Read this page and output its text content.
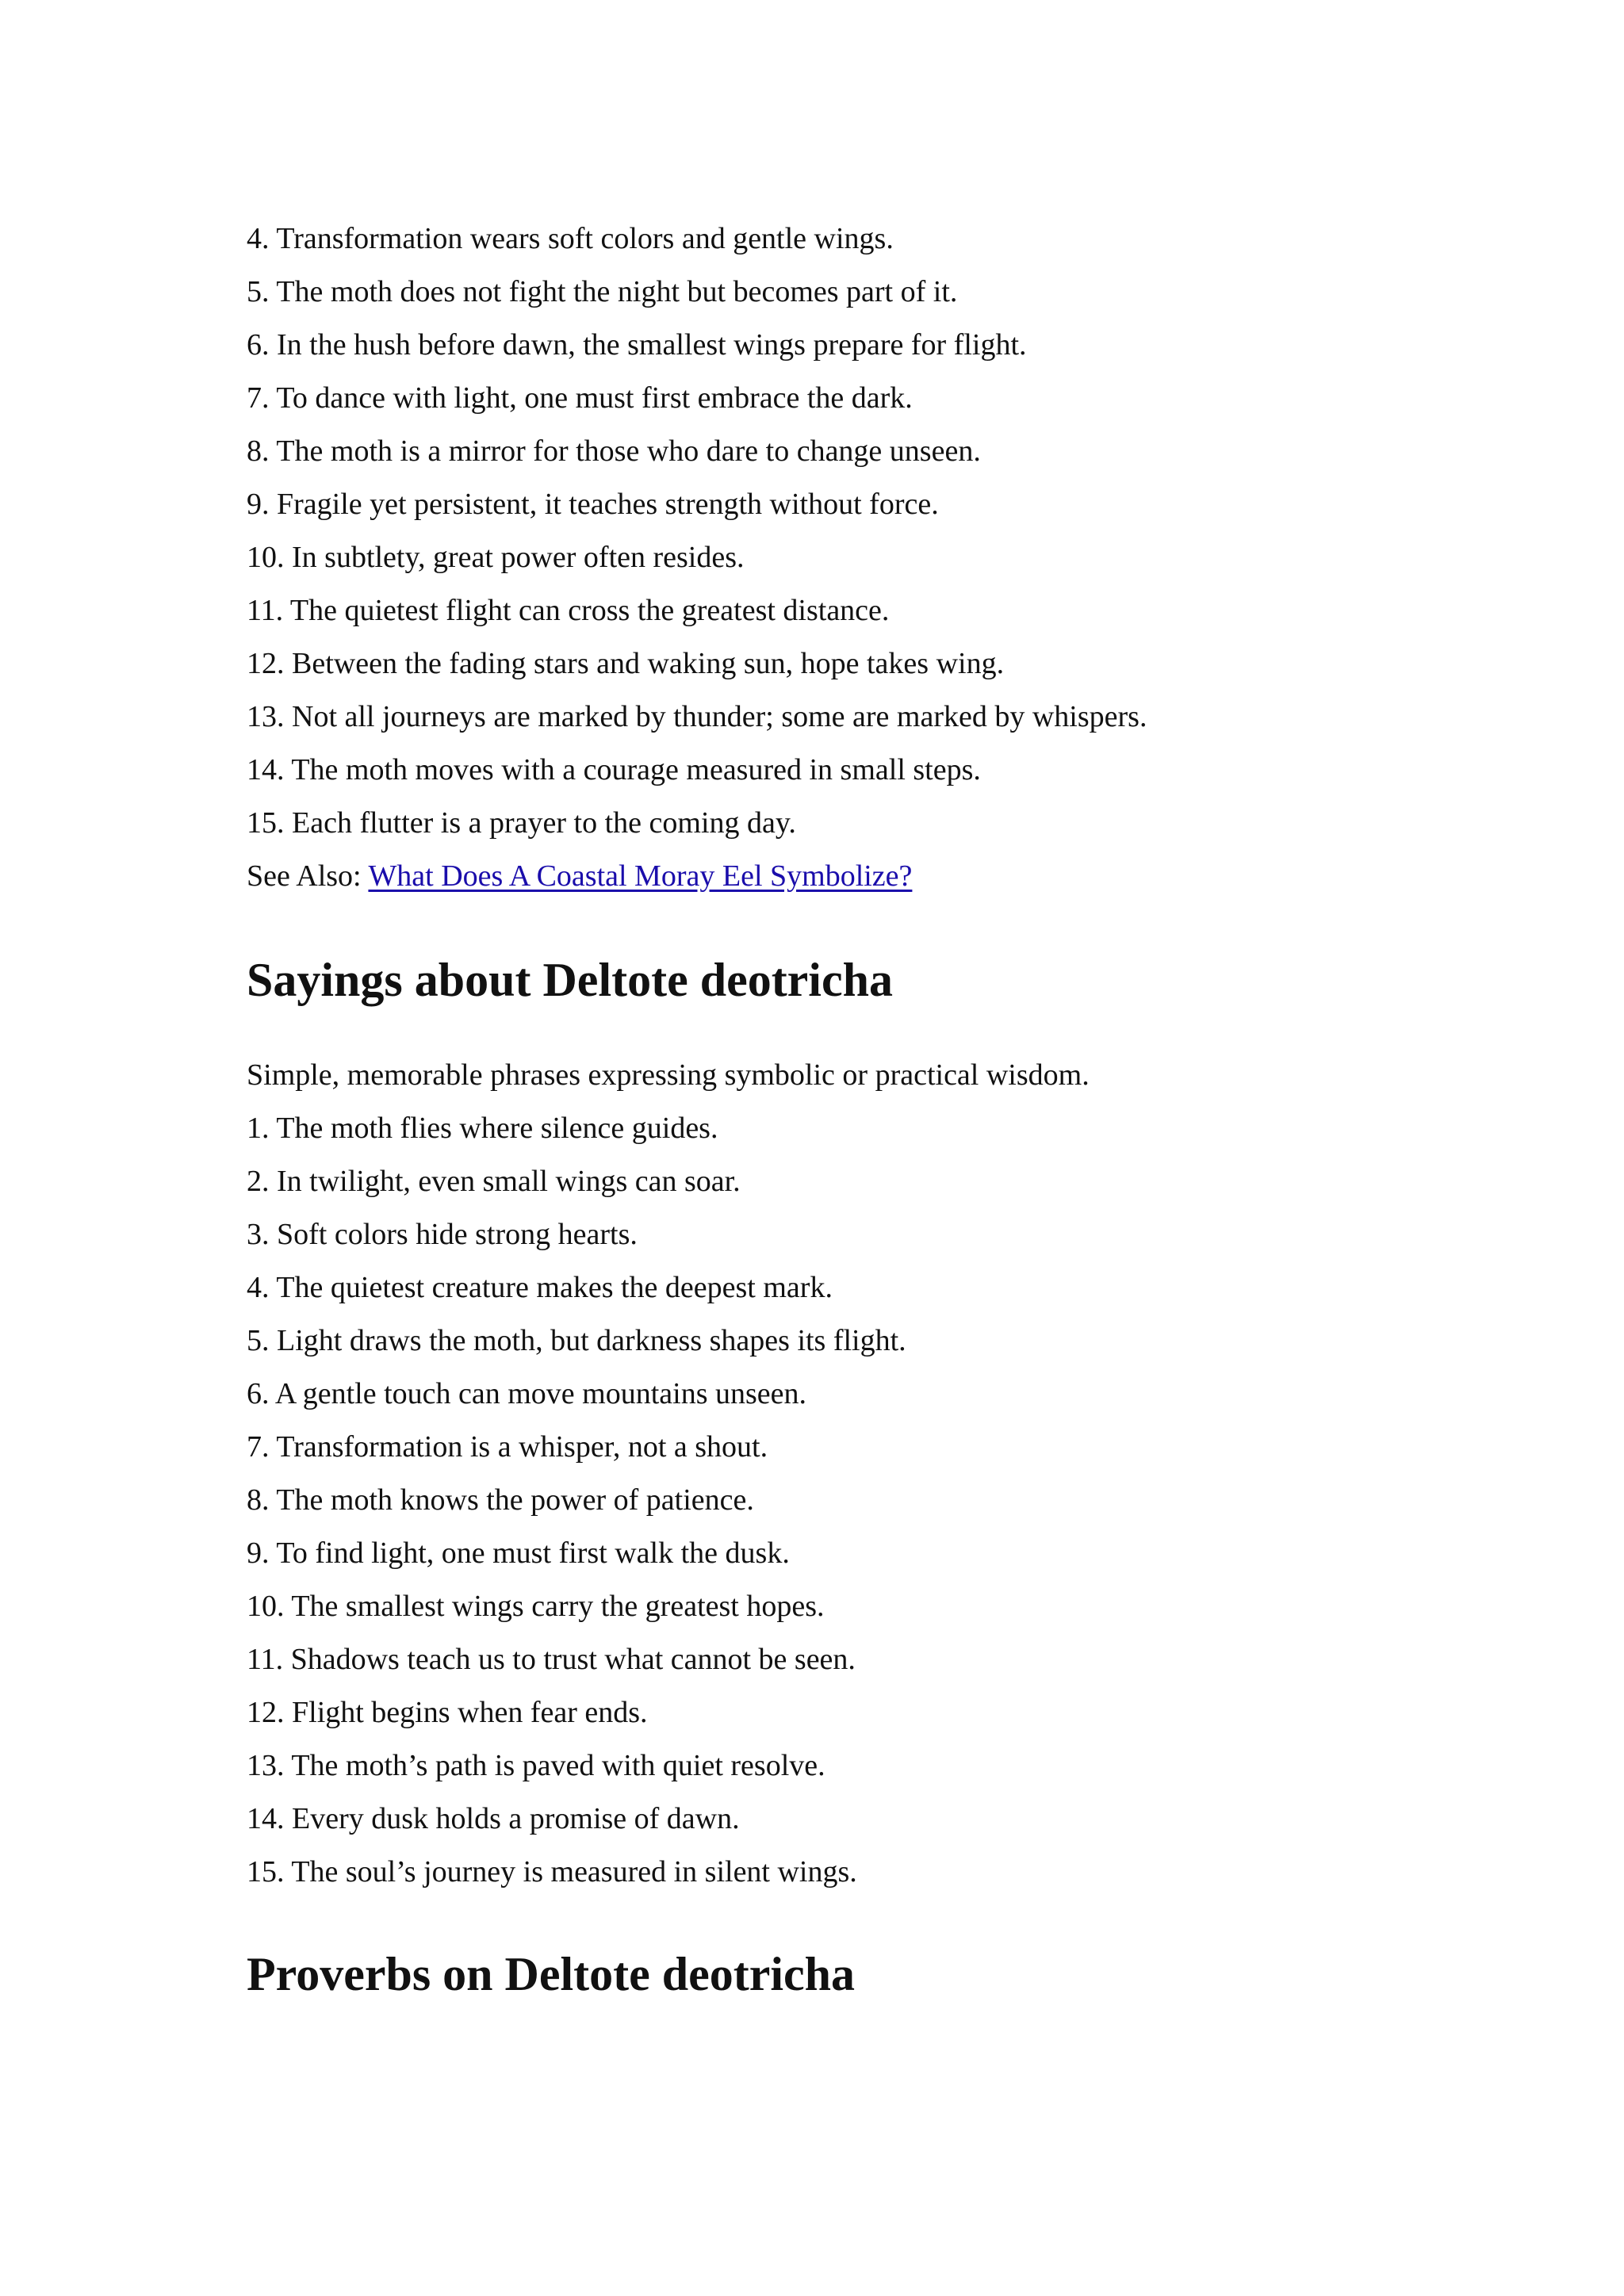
4. Transformation wears soft colors and gentle wings.
5. The moth does not fight the night but becomes part of it.
6. In the hush before dawn, the smallest wings prepare for flight.
7. To dance with light, one must first embrace the dark.
8. The moth is a mirror for those who dare to change unseen.
9. Fragile yet persistent, it teaches strength without force.
10. In subtlety, great power often resides.
11. The quietest flight can cross the greatest distance.
12. Between the fading stars and waking sun, hope takes wing.
13. Not all journeys are marked by thunder; some are marked by whispers.
14. The moth moves with a courage measured in small steps.
15. Each flutter is a prayer to the coming day.
See Also: What Does A Coastal Moray Eel Symbolize?
Sayings about Deltote deotricha
Simple, memorable phrases expressing symbolic or practical wisdom.
1. The moth flies where silence guides.
2. In twilight, even small wings can soar.
3. Soft colors hide strong hearts.
4. The quietest creature makes the deepest mark.
5. Light draws the moth, but darkness shapes its flight.
6. A gentle touch can move mountains unseen.
7. Transformation is a whisper, not a shout.
8. The moth knows the power of patience.
9. To find light, one must first walk the dusk.
10. The smallest wings carry the greatest hopes.
11. Shadows teach us to trust what cannot be seen.
12. Flight begins when fear ends.
13. The moth’s path is paved with quiet resolve.
14. Every dusk holds a promise of dawn.
15. The soul’s journey is measured in silent wings.
Proverbs on Deltote deotricha
